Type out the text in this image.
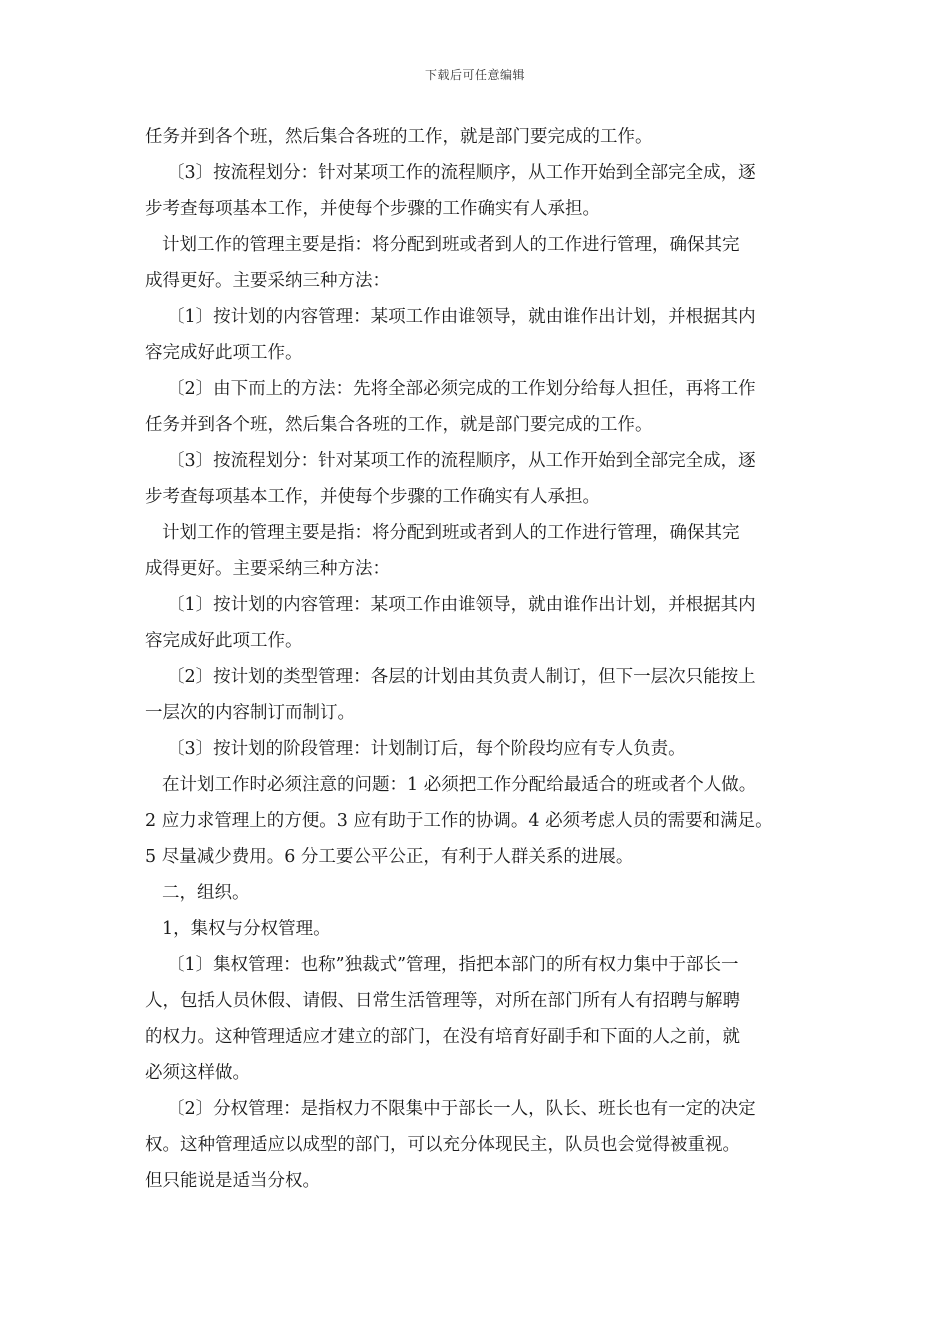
下载后可任意编辑
任务并到各个班，然后集合各班的工作，就是部门要完成的工作。
〔3〕按流程划分：针对某项工作的流程顺序，从工作开始到全部完全成，逐
步考查每项基本工作，并使每个步骤的工作确实有人承担。
计划工作的管理主要是指：将分配到班或者到人的工作进行管理，确保其完
成得更好。主要采纳三种方法：
〔1〕按计划的内容管理：某项工作由谁领导，就由谁作出计划，并根据其内
容完成好此项工作。
〔2〕由下而上的方法：先将全部必须完成的工作划分给每人担任，再将工作
任务并到各个班，然后集合各班的工作，就是部门要完成的工作。
〔3〕按流程划分：针对某项工作的流程顺序，从工作开始到全部完全成，逐
步考查每项基本工作，并使每个步骤的工作确实有人承担。
计划工作的管理主要是指：将分配到班或者到人的工作进行管理，确保其完
成得更好。主要采纳三种方法：
〔1〕按计划的内容管理：某项工作由谁领导，就由谁作出计划，并根据其内
容完成好此项工作。
〔2〕按计划的类型管理：各层的计划由其负责人制订，但下一层次只能按上
一层次的内容制订而制订。
〔3〕按计划的阶段管理：计划制订后，每个阶段均应有专人负责。
在计划工作时必须注意的问题：1 必须把工作分配给最适合的班或者个人做。
2 应力求管理上的方便。3 应有助于工作的协调。4 必须考虑人员的需要和满足。
5 尽量减少费用。6 分工要公平公正，有利于人群关系的进展。
二，组织。
1，集权与分权管理。
〔1〕集权管理：也称”独裁式”管理，指把本部门的所有权力集中于部长一
人，包括人员休假、请假、日常生活管理等，对所在部门所有人有招聘与解聘
的权力。这种管理适应才建立的部门，在没有培育好副手和下面的人之前，就
必须这样做。
〔2〕分权管理：是指权力不限集中于部长一人，队长、班长也有一定的决定
权。这种管理适应以成型的部门，可以充分体现民主，队员也会觉得被重视。
但只能说是适当分权。
